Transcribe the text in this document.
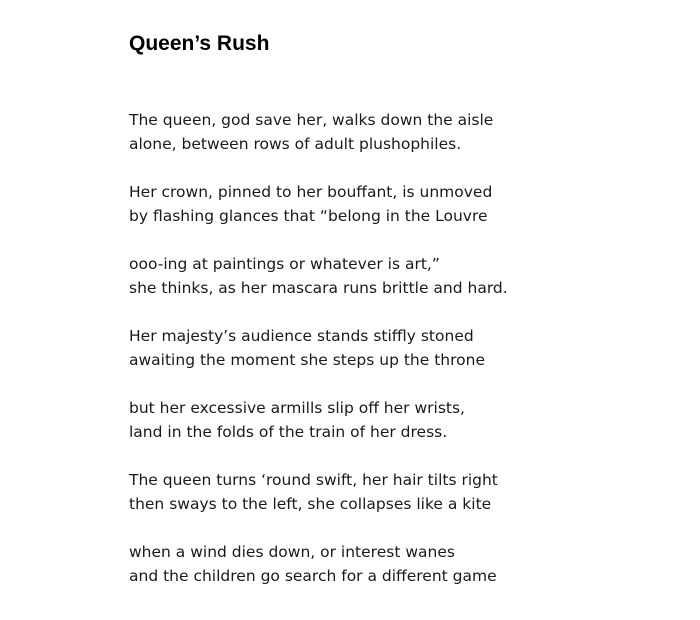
Queen’s Rush
The queen, god save her, walks down the aisle
alone, between rows of adult plushophiles.
Her crown, pinned to her bouffant, is unmoved
by flashing glances that “belong in the Louvre
ooo-ing at paintings or whatever is art,”
she thinks, as her mascara runs brittle and hard.
Her majesty’s audience stands stiffly stoned
awaiting the moment she steps up the throne
but her excessive armills slip off her wrists,
land in the folds of the train of her dress.
The queen turns ‘round swift, her hair tilts right
then sways to the left, she collapses like a kite
when a wind dies down, or interest wanes
and the children go search for a different game
